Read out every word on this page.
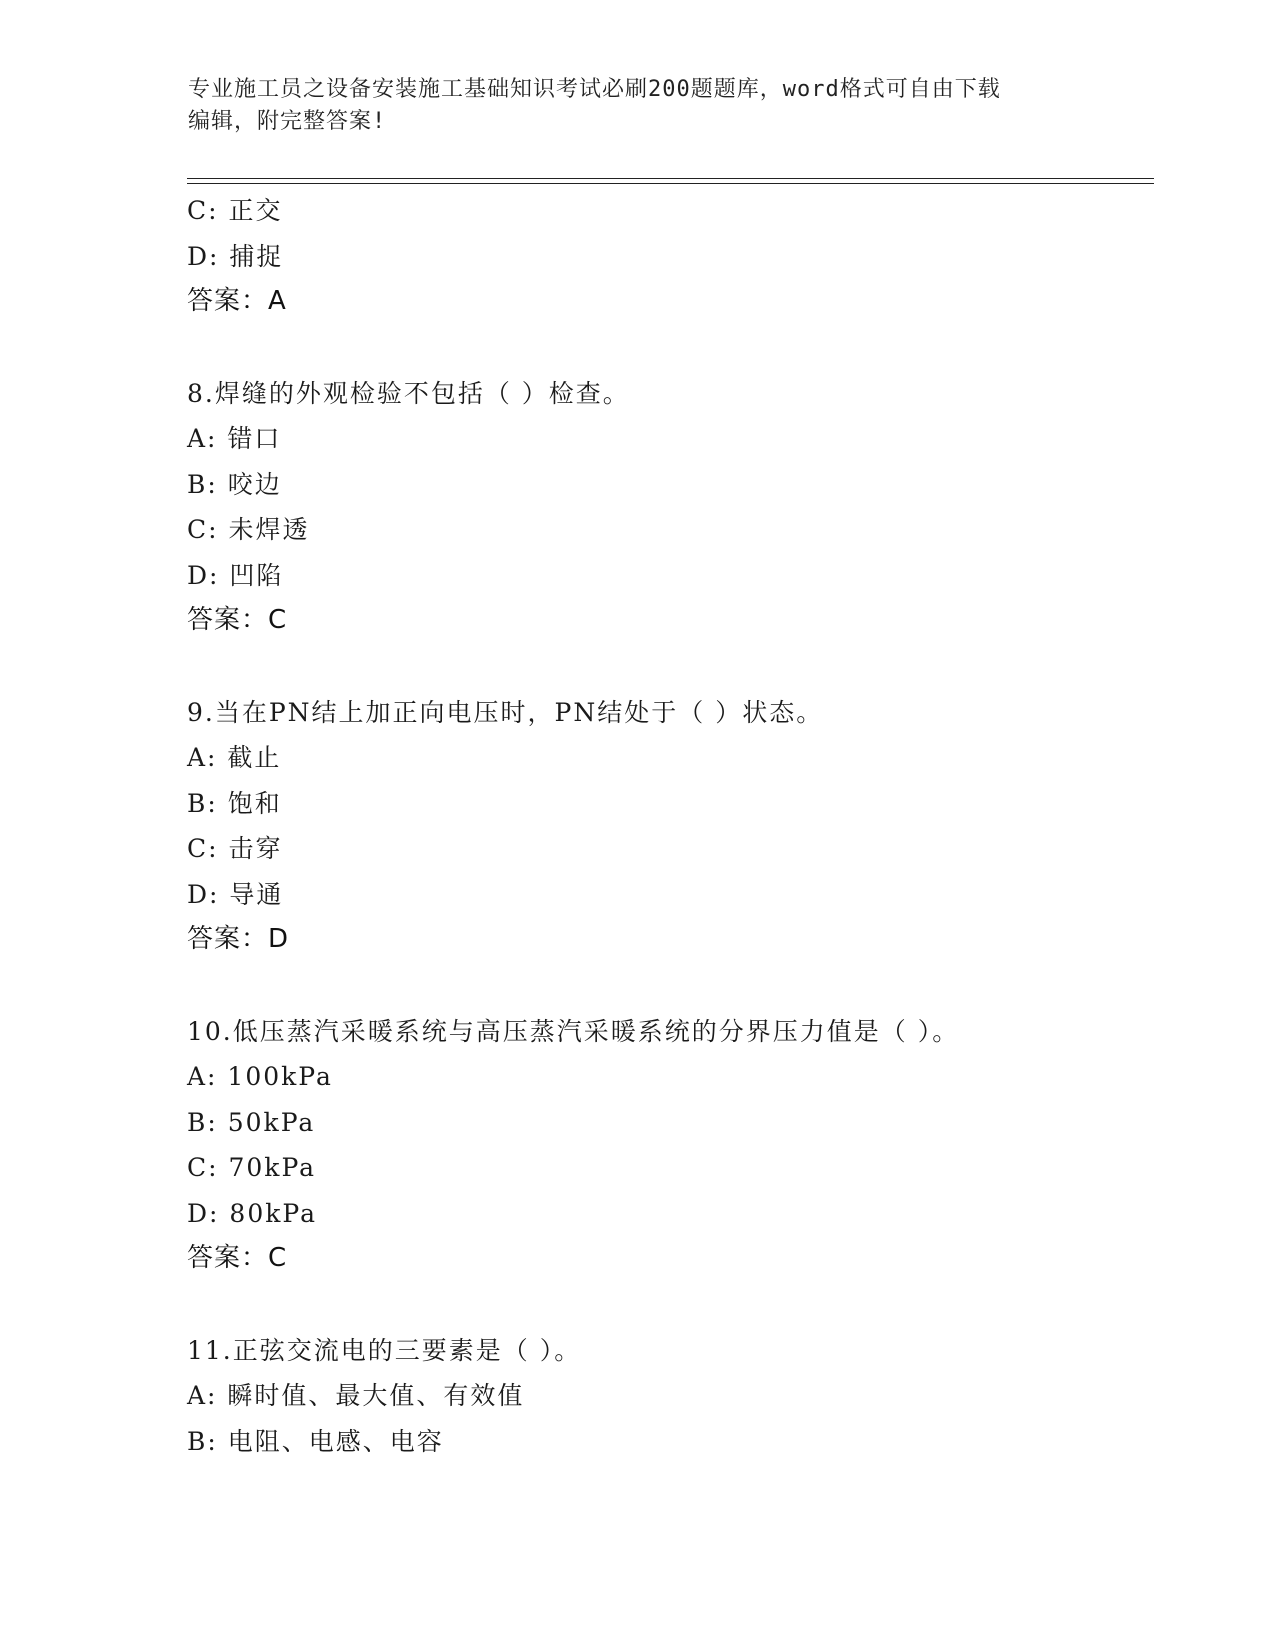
专业施工员之设备安装施工基础知识考试必刷200题题库，word格式可自由下载
编辑，附完整答案!
C: 正交
D: 捕捉
答案：A
8.焊缝的外观检验不包括（ ）检查。
A: 错口
B: 咬边
C: 未焊透
D: 凹陷
答案：C
9.当在PN结上加正向电压时，PN结处于（ ）状态。
A: 截止
B: 饱和
C: 击穿
D: 导通
答案：D
10.低压蒸汽采暖系统与高压蒸汽采暖系统的分界压力值是（ ）。
A: 100kPa
B: 50kPa
C: 70kPa
D: 80kPa
答案：C
11.正弦交流电的三要素是（ ）。
A: 瞬时值、最大值、有效值
B: 电阻、电感、电容
